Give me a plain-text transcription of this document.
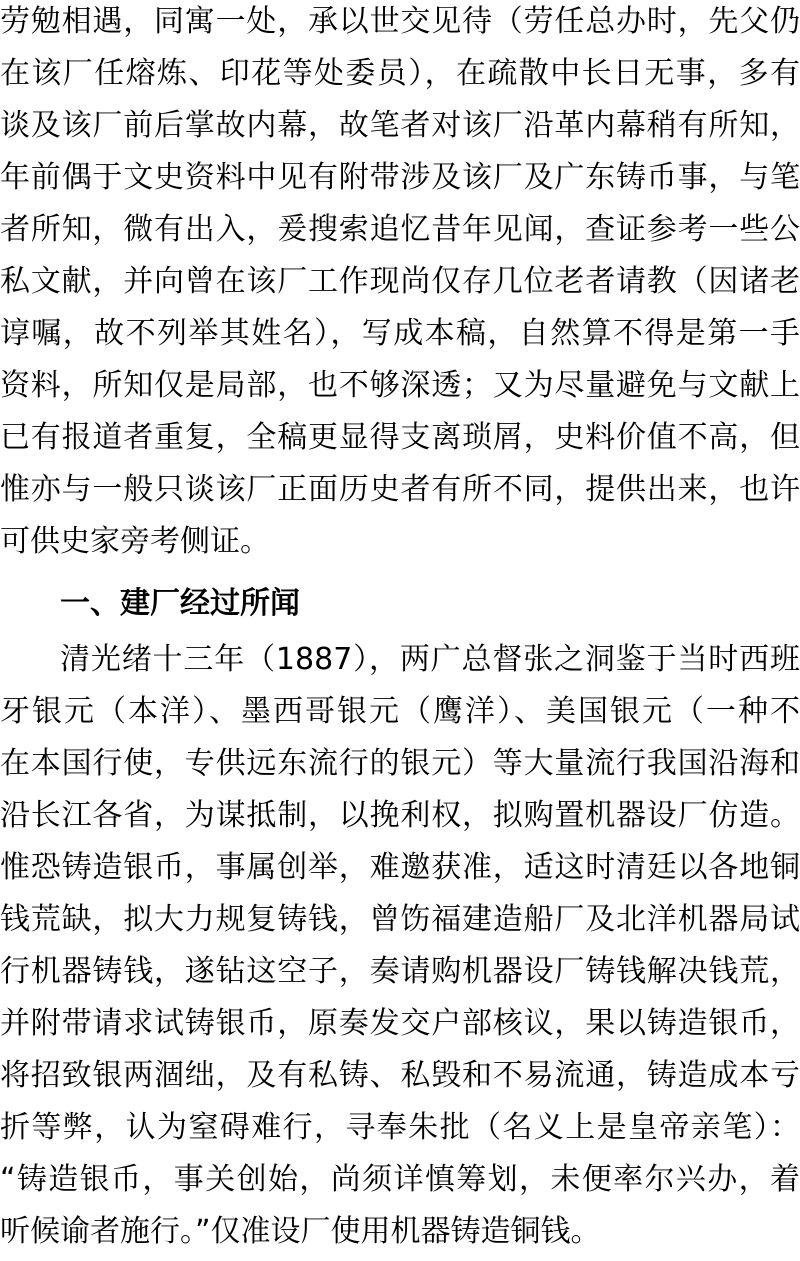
劳勉相遇，同寓一处，承以世交见待（劳任总办时，先父仍
在该厂任熔炼、印花等处委员），在疏散中长日无事，多有
谈及该厂前后掌故内幕，故笔者对该厂沿革内幕稍有所知，
年前偶于文史资料中见有附带涉及该厂及广东铸币事，与笔
者所知，微有出入，爰搜索追忆昔年见闻，查证参考一些公
私文献，并向曾在该厂工作现尚仅存几位老者请教（因诸老
谆嘱，故不列举其姓名），写成本稿，自然算不得是第一手
资料，所知仅是局部，也不够深透；又为尽量避免与文献上
已有报道者重复，全稿更显得支离琐屑，史料价值不高，但
惟亦与一般只谈该厂正面历史者有所不同，提供出来，也许
可供史家旁考侧证。
一、建厂经过所闻
清光绪十三年（1887），两广总督张之洞鉴于当时西班
牙银元（本洋）、墨西哥银元（鹰洋）、美国银元（一种不
在本国行使，专供远东流行的银元）等大量流行我国沿海和
沿长江各省，为谋抵制，以挽利权，拟购置机器设厂仿造。
惟恐铸造银币，事属创举，难邀获准，适这时清廷以各地铜
钱荒缺，拟大力规复铸钱，曾饬福建造船厂及北洋机器局试
行机器铸钱，遂钻这空子，奏请购机器设厂铸钱解决钱荒，
并附带请求试铸银币，原奏发交户部核议，果以铸造银币，
将招致银两涸绌，及有私铸、私毁和不易流通，铸造成本亏
折等弊，认为窒碍难行，寻奉朱批（名义上是皇帝亲笔）：
“铸造银币，事关创始，尚须详慎筹划，未便率尔兴办，着
听候谕者施行。”仅准设厂使用机器铸造铜钱。
